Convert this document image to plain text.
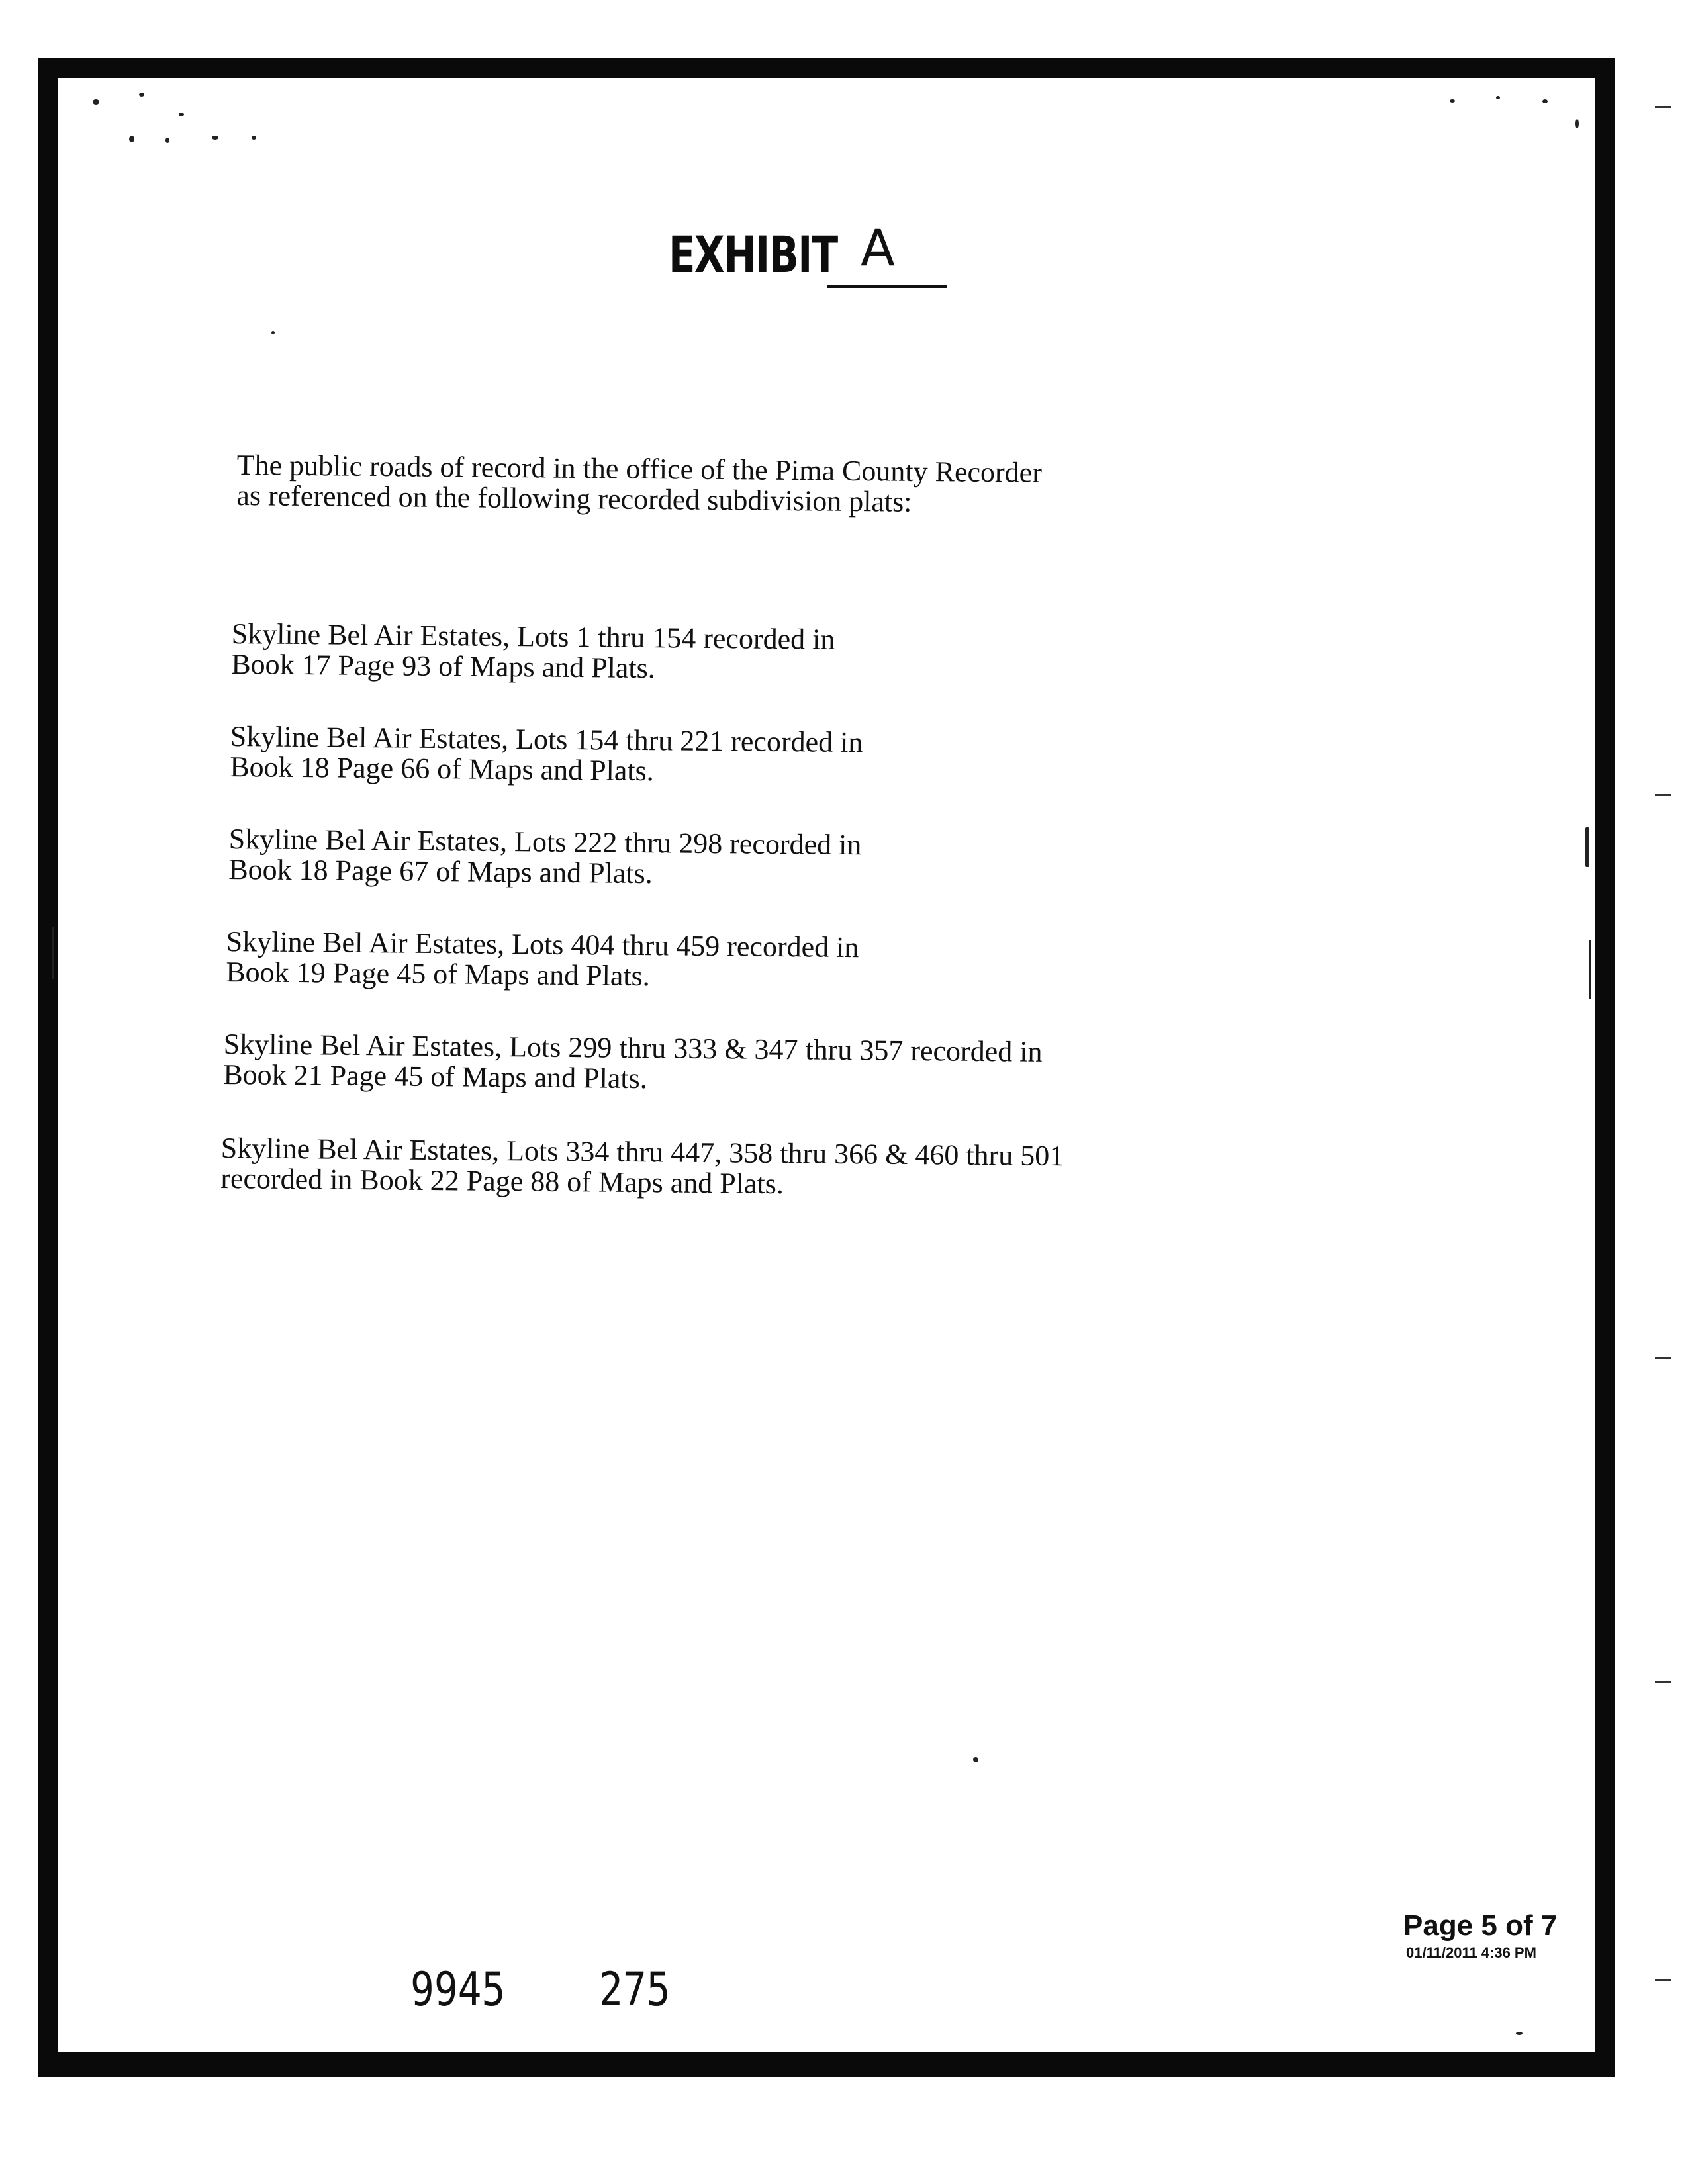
EXHIBIT A
The public roads of record in the office of the Pima County Recorder
as referenced on the following recorded subdivision plats:
Skyline Bel Air Estates, Lots 1 thru 154 recorded in
Book 17 Page 93 of Maps and Plats.
Skyline Bel Air Estates, Lots 154 thru 221 recorded in
Book 18 Page 66 of Maps and Plats.
Skyline Bel Air Estates, Lots 222 thru 298 recorded in
Book 18 Page 67 of Maps and Plats.
Skyline Bel Air Estates, Lots 404 thru 459 recorded in
Book 19 Page 45 of Maps and Plats.
Skyline Bel Air Estates, Lots 299 thru 333 & 347 thru 357 recorded in
Book 21 Page 45 of Maps and Plats.
Skyline Bel Air Estates, Lots 334 thru 447, 358 thru 366 & 460 thru 501
recorded in Book 22 Page 88 of Maps and Plats.
Page 5 of 7
01/11/2011 4:36 PM
9945 275
